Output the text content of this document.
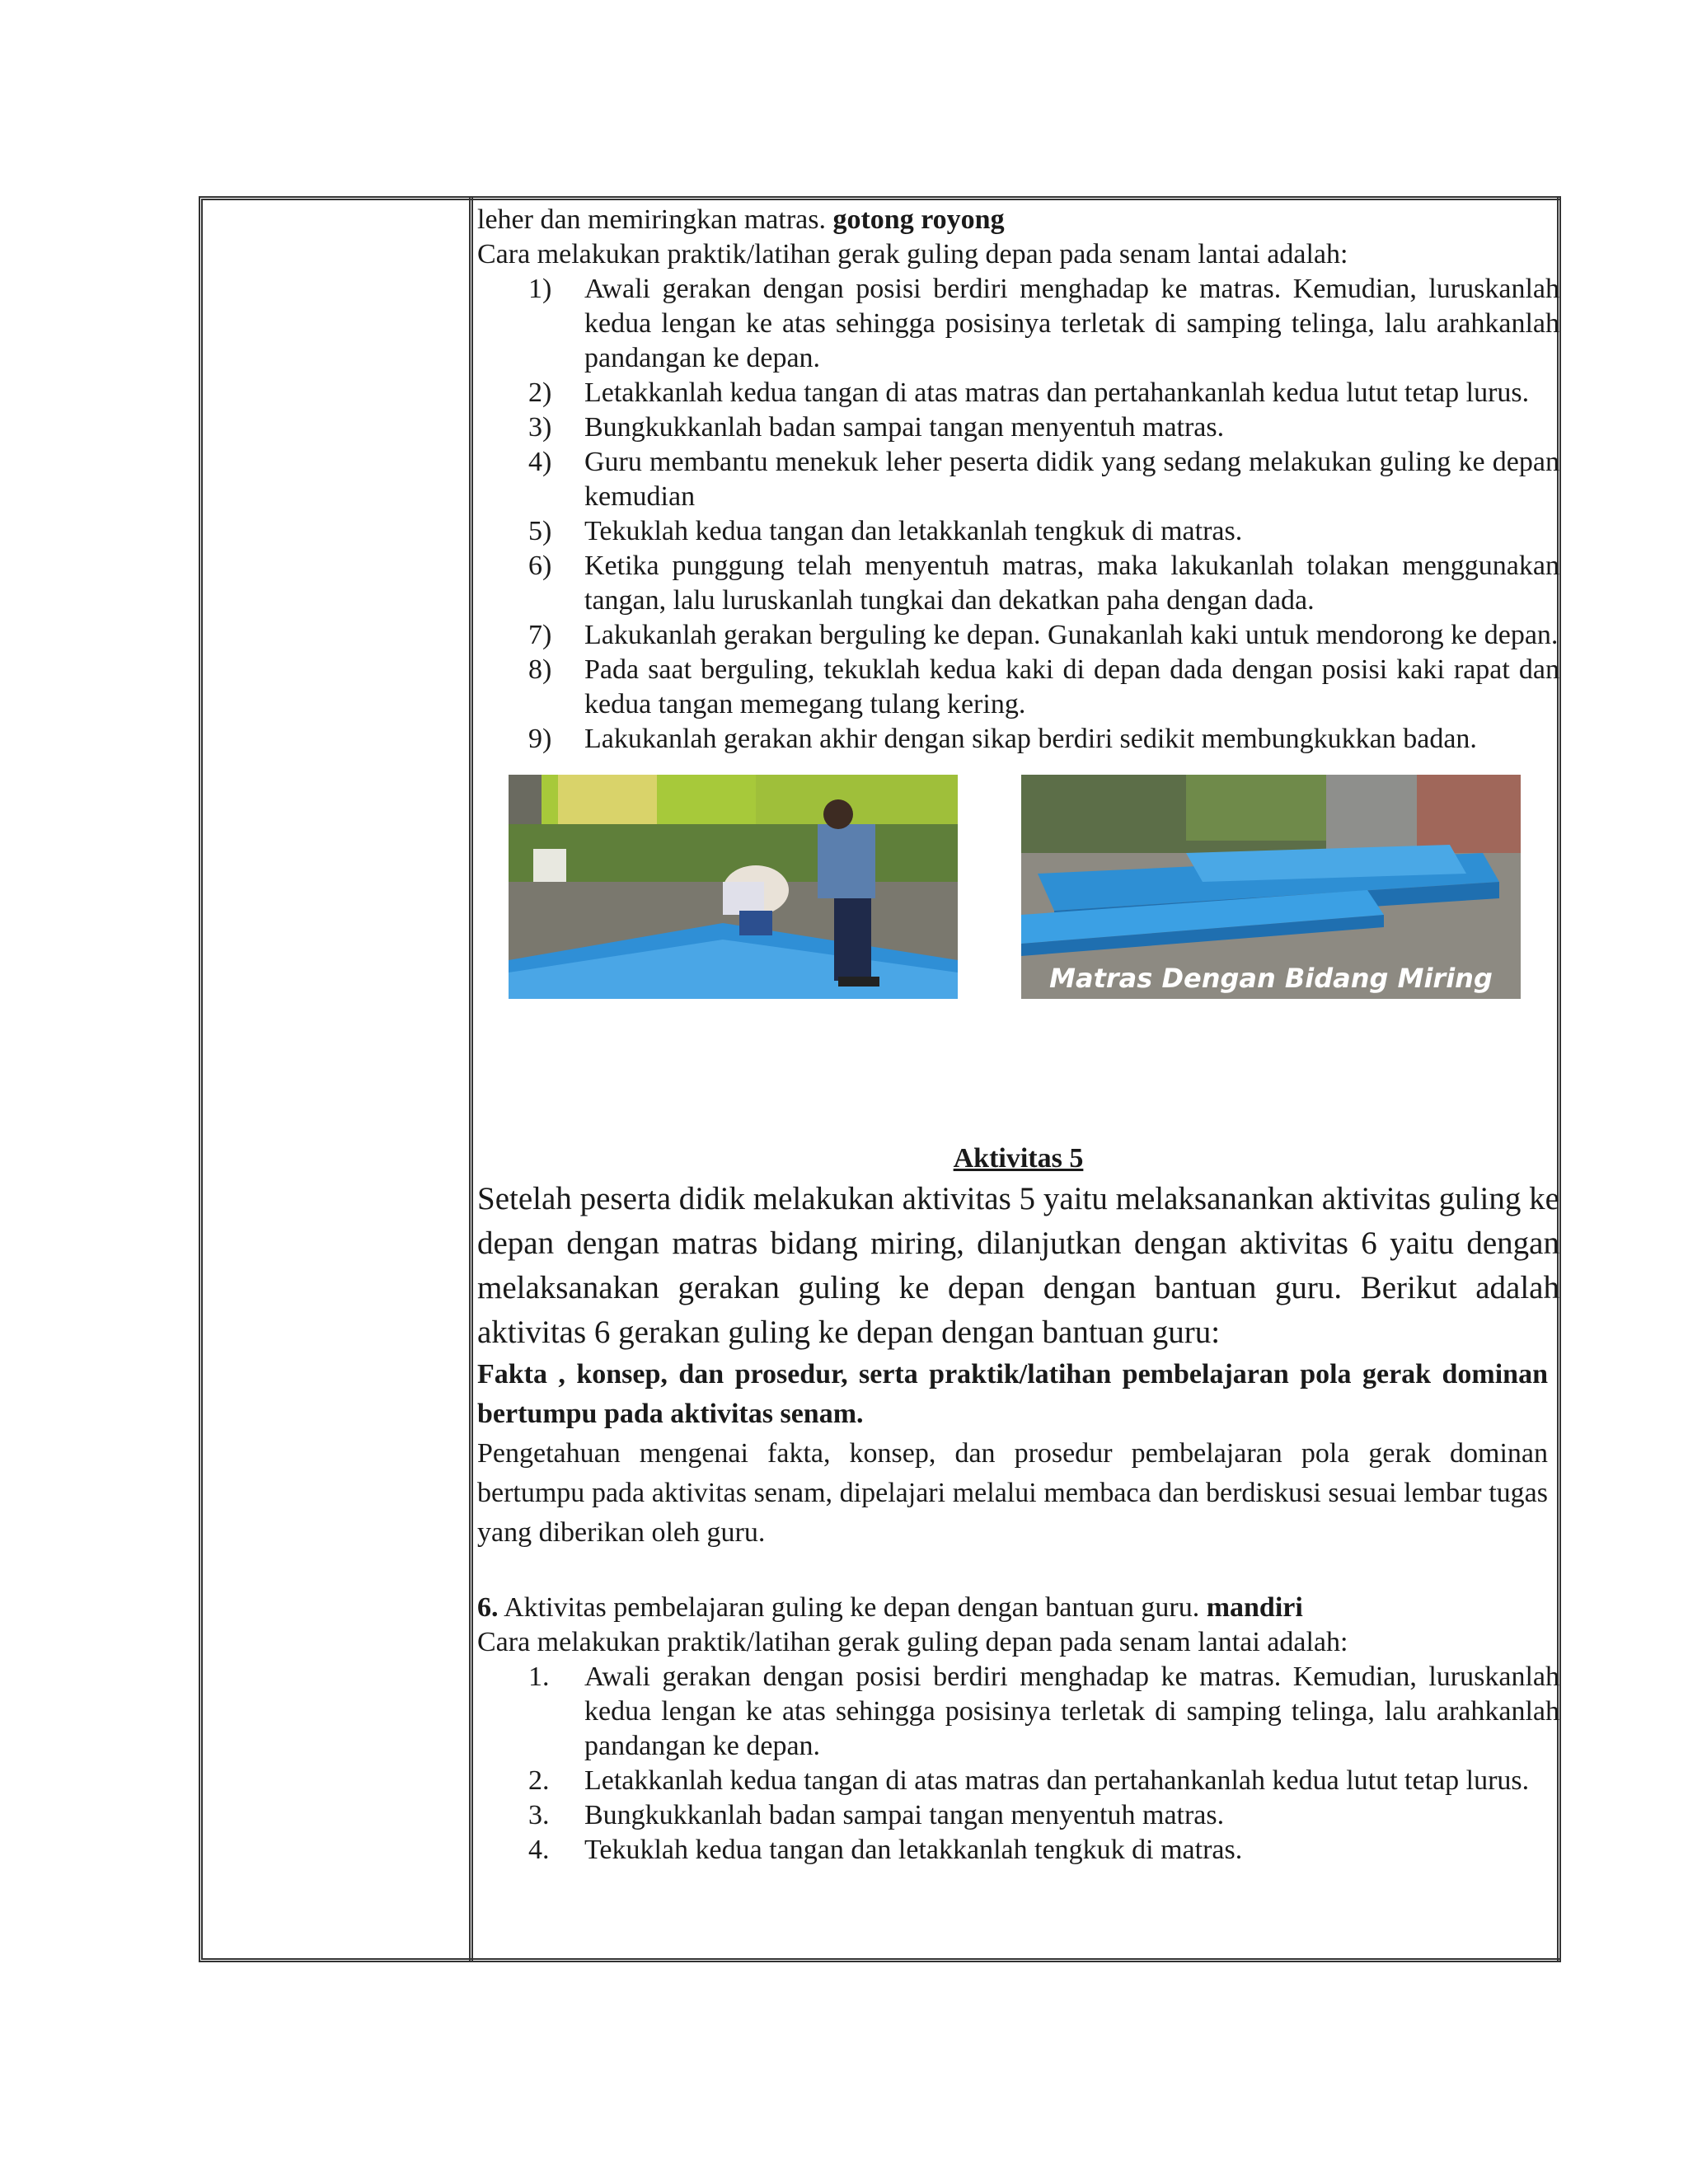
leher dan memiringkan matras. gotong royong

Cara melakukan praktik/latihan gerak guling depan pada senam lantai adalah:

1)	Awali gerakan dengan posisi berdiri menghadap ke matras. Kemudian, luruskanlah kedua lengan ke atas sehingga posisinya terletak di samping telinga, lalu arahkanlah pandangan ke depan.
2)	Letakkanlah kedua tangan di atas matras dan pertahankanlah kedua lutut tetap lurus.
3)	Bungkukkanlah badan sampai tangan menyentuh matras.
4)	Guru membantu menekuk leher peserta didik yang sedang melakukan guling ke depan kemudian
5)	Tekuklah kedua tangan dan letakkanlah tengkuk di matras.
6)	Ketika punggung telah menyentuh matras, maka lakukanlah tolakan menggunakan tangan, lalu luruskanlah tungkai dan dekatkan paha dengan dada.
7)	Lakukanlah gerakan berguling ke depan. Gunakanlah kaki untuk mendorong ke depan.
8)	Pada saat berguling, tekuklah kedua kaki di depan dada dengan posisi kaki rapat dan kedua tangan memegang tulang kering.
9)	Lakukanlah gerakan akhir dengan sikap berdiri sedikit membungkukkan badan.
Matras Dengan Bidang Miring
Aktivitas 5

Setelah peserta didik melakukan aktivitas 5 yaitu melaksanankan aktivitas guling ke depan dengan matras bidang miring, dilanjutkan dengan aktivitas 6 yaitu dengan melaksanakan gerakan guling ke depan dengan bantuan guru. Berikut adalah aktivitas 6 gerakan guling ke depan dengan bantuan guru:

Fakta , konsep, dan prosedur, serta praktik/latihan pembelajaran pola gerak dominan bertumpu pada aktivitas senam.

Pengetahuan mengenai fakta, konsep, dan prosedur pembelajaran pola gerak dominan bertumpu pada aktivitas senam, dipelajari melalui membaca dan berdiskusi sesuai lembar tugas yang diberikan oleh guru.

6. Aktivitas pembelajaran guling ke depan dengan bantuan guru. mandiri

Cara melakukan praktik/latihan gerak guling depan pada senam lantai adalah:

1.	Awali gerakan dengan posisi berdiri menghadap ke matras. Kemudian, luruskanlah kedua lengan ke atas sehingga posisinya terletak di samping telinga, lalu arahkanlah pandangan ke depan.
2.	Letakkanlah kedua tangan di atas matras dan pertahankanlah kedua lutut tetap lurus.
3.	Bungkukkanlah badan sampai tangan menyentuh matras.
4.	Tekuklah kedua tangan dan letakkanlah tengkuk di matras.
